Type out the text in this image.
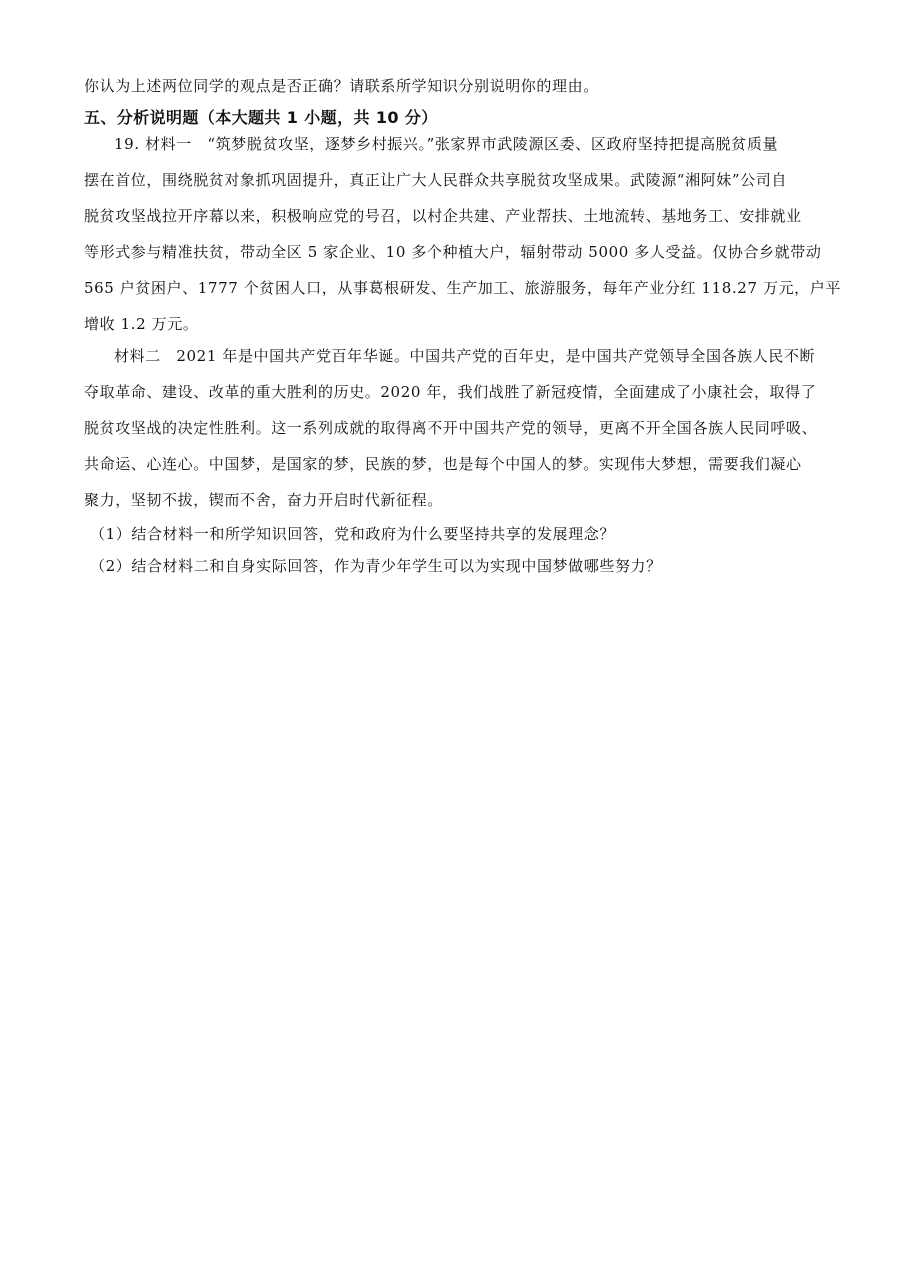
你认为上述两位同学的观点是否正确？请联系所学知识分别说明你的理由。
五、分析说明题（本大题共 1 小题，共 10 分）
19. 材料一　“筑梦脱贫攻坚，逐梦乡村振兴。”张家界市武陵源区委、区政府坚持把提高脱贫质量
摆在首位，围绕脱贫对象抓巩固提升，真正让广大人民群众共享脱贫攻坚成果。武陵源“湘阿妹”公司自
脱贫攻坚战拉开序幕以来，积极响应党的号召，以村企共建、产业帮扶、土地流转、基地务工、安排就业
等形式参与精准扶贫，带动全区 5 家企业、10 多个种植大户，辐射带动 5000 多人受益。仅协合乡就带动
565 户贫困户、1777 个贫困人口，从事葛根研发、生产加工、旅游服务，每年产业分红 118.27 万元，户平
增收 1.2 万元。
材料二　2021 年是中国共产党百年华诞。中国共产党的百年史，是中国共产党领导全国各族人民不断
夺取革命、建设、改革的重大胜利的历史。2020 年，我们战胜了新冠疫情，全面建成了小康社会，取得了
脱贫攻坚战的决定性胜利。这一系列成就的取得离不开中国共产党的领导，更离不开全国各族人民同呼吸、
共命运、心连心。中国梦，是国家的梦，民族的梦，也是每个中国人的梦。实现伟大梦想，需要我们凝心
聚力，坚韧不拔，锲而不舍，奋力开启时代新征程。
（1）结合材料一和所学知识回答，党和政府为什么要坚持共享的发展理念？
（2）结合材料二和自身实际回答，作为青少年学生可以为实现中国梦做哪些努力？
